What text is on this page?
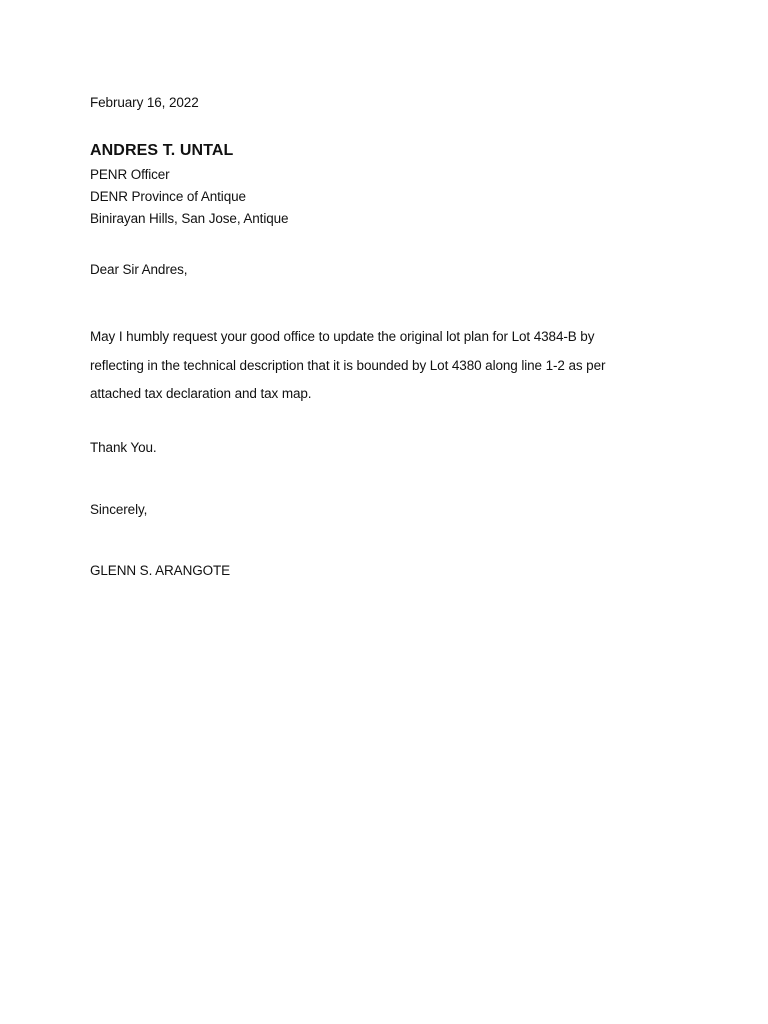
February 16, 2022
ANDRES T. UNTAL
PENR Officer
DENR Province of Antique
Binirayan Hills, San Jose, Antique
Dear Sir Andres,

May I humbly request your good office to update the original lot plan for Lot 4384-B by

reflecting in the technical description that it is bounded by Lot 4380 along line 1-2 as per

attached tax declaration and tax map.

Thank You.
Sincerely,
GLENN S. ARANGOTE
